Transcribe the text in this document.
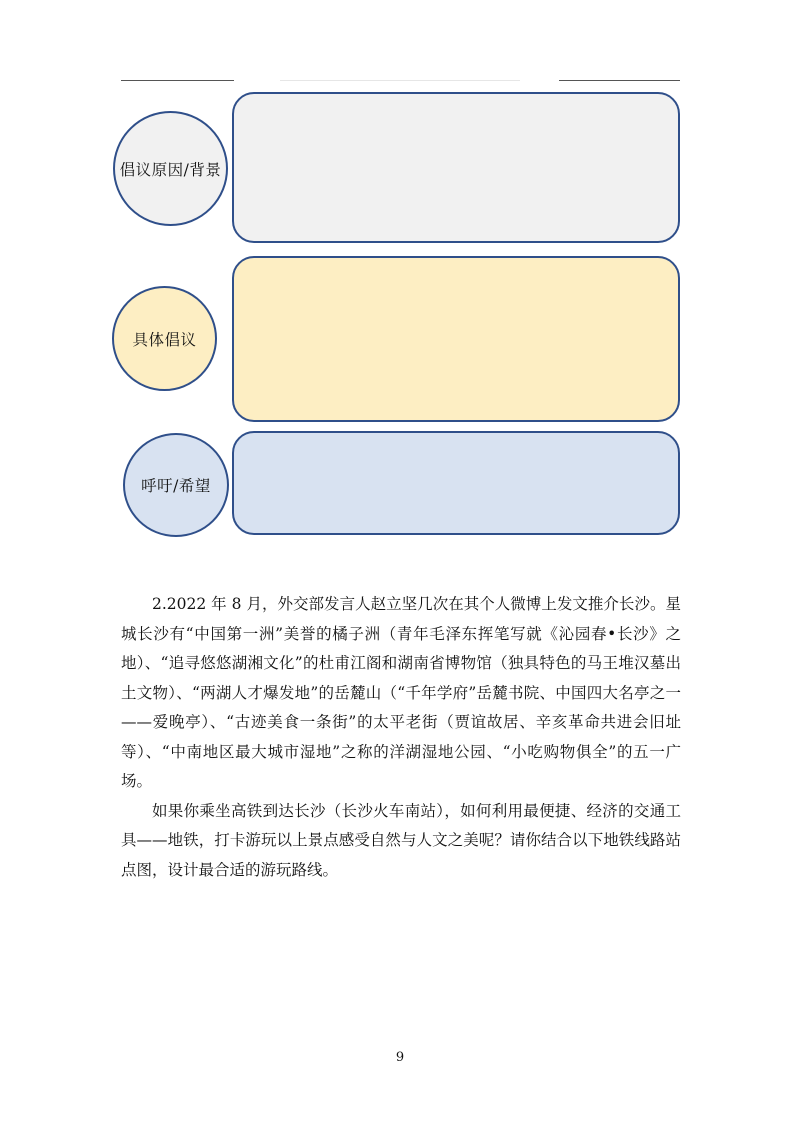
倡议原因/背景
具体倡议
呼吁/希望

2.2022 年 8 月，外交部发言人赵立坚几次在其个人微博上发文推介长沙。星城长沙有“中国第一洲”美誉的橘子洲（青年毛泽东挥笔写就《沁园春•长沙》之地）、“追寻悠悠湖湘文化”的杜甫江阁和湖南省博物馆（独具特色的马王堆汉墓出土文物）、“两湖人才爆发地”的岳麓山（“千年学府”岳麓书院、中国四大名亭之一——爱晚亭）、“古迹美食一条街”的太平老街（贾谊故居、辛亥革命共进会旧址等）、“中南地区最大城市湿地”之称的洋湖湿地公园、“小吃购物俱全”的五一广场。

如果你乘坐高铁到达长沙（长沙火车南站），如何利用最便捷、经济的交通工具——地铁，打卡游玩以上景点感受自然与人文之美呢？请你结合以下地铁线路站点图，设计最合适的游玩路线。

9
